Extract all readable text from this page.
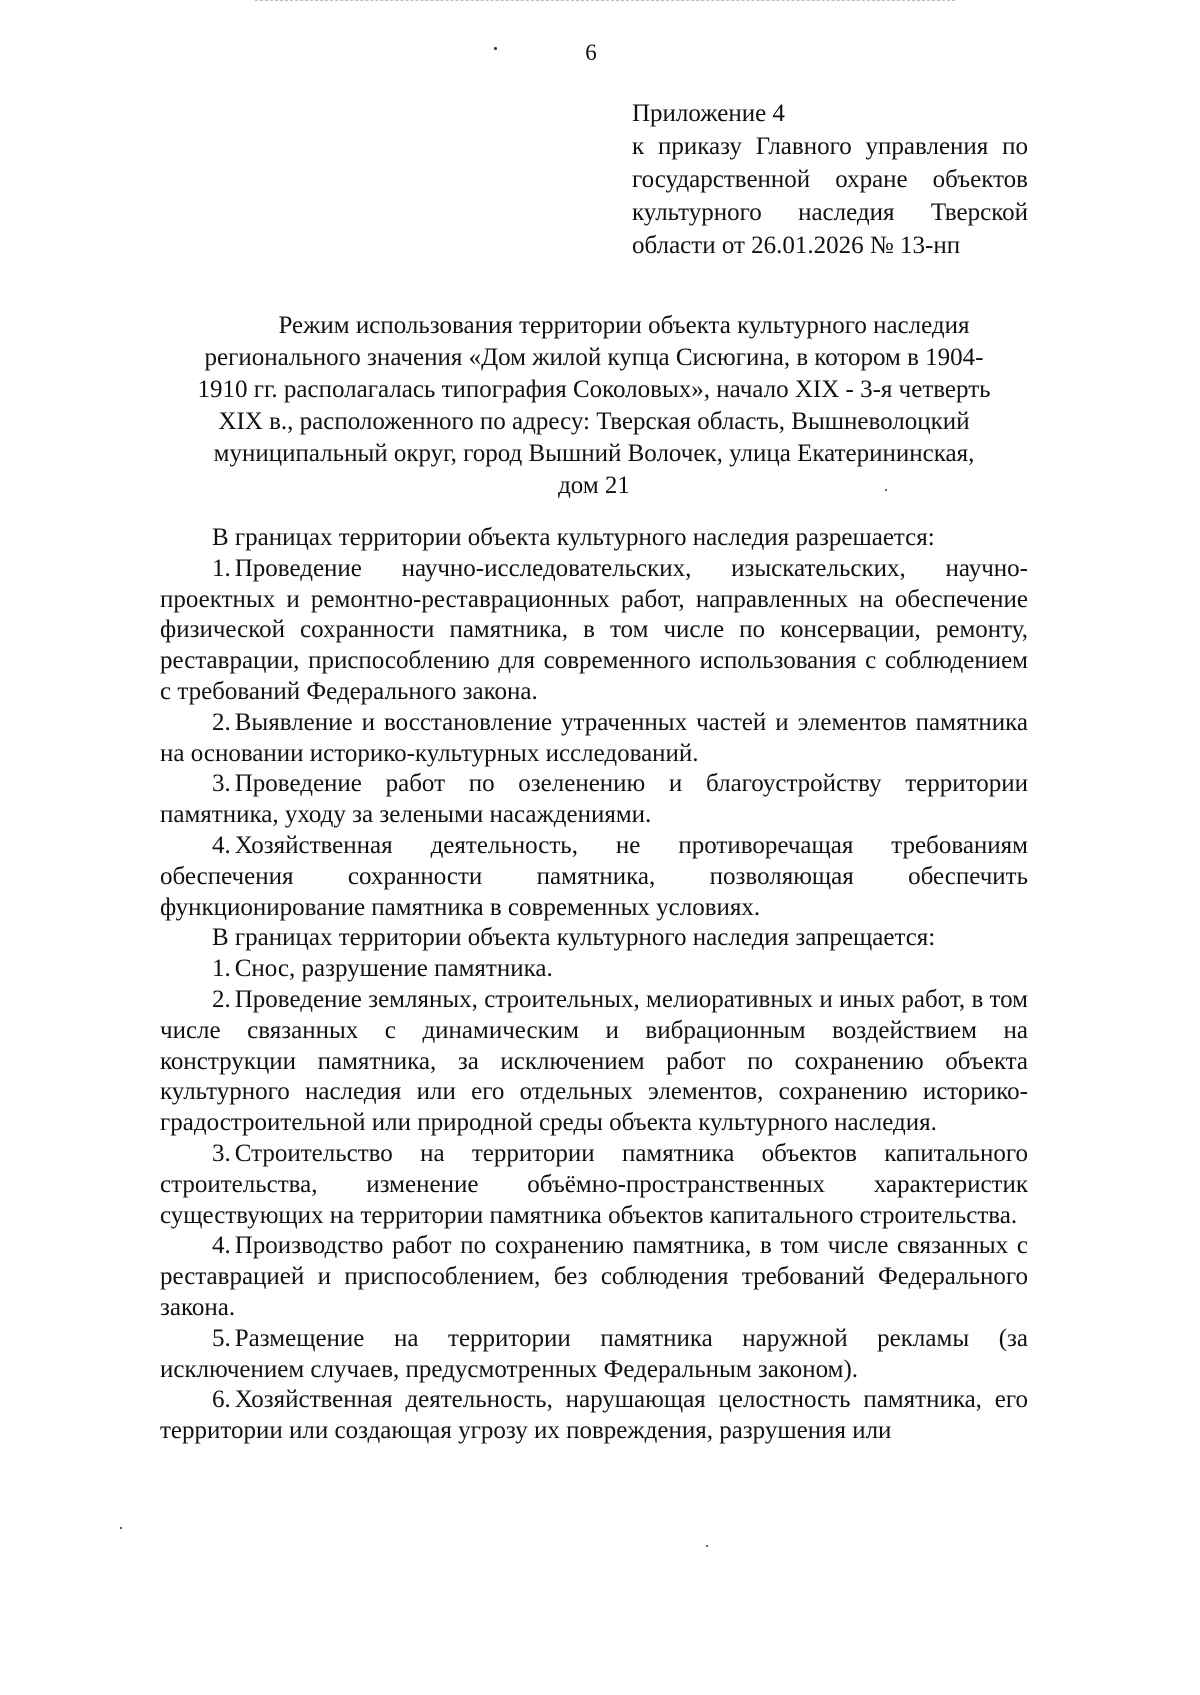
6
Приложение 4
к приказу Главного управления по
государственной охране объектов
культурного наследия Тверской
области от 26.01.2026 № 13-нп
Режим использования территории объекта культурного наследия
регионального значения «Дом жилой купца Сисюгина, в котором в 1904-
1910 гг. располагалась типография Соколовых», начало XIX - 3-я четверть
XIX в., расположенного по адресу: Тверская область, Вышневолоцкий
муниципальный округ, город Вышний Волочек, улица Екатерининская,
дом 21

В границах территории объекта культурного наследия разрешается:

1. Проведение научно-исследовательских, изыскательских, научно-проектных и ремонтно-реставрационных работ, направленных на обеспечение физической сохранности памятника, в том числе по консервации, ремонту, реставрации, приспособлению для современного использования с соблюдением с требований Федерального закона.

2. Выявление и восстановление утраченных частей и элементов памятника на основании историко-культурных исследований.

3. Проведение работ по озеленению и благоустройству территории памятника, уходу за зелеными насаждениями.

4. Хозяйственная деятельность, не противоречащая требованиям обеспечения сохранности памятника, позволяющая обеспечить функционирование памятника в современных условиях.

В границах территории объекта культурного наследия запрещается:

1. Снос, разрушение памятника.

2. Проведение земляных, строительных, мелиоративных и иных работ, в том числе связанных с динамическим и вибрационным воздействием на конструкции памятника, за исключением работ по сохранению объекта культурного наследия или его отдельных элементов, сохранению историко-градостроительной или природной среды объекта культурного наследия.

3. Строительство на территории памятника объектов капитального строительства, изменение объёмно-пространственных характеристик существующих на территории памятника объектов капитального строительства.

4. Производство работ по сохранению памятника, в том числе связанных с реставрацией и приспособлением, без соблюдения требований Федерального закона.

5. Размещение на территории памятника наружной рекламы (за исключением случаев, предусмотренных Федеральным законом).

6. Хозяйственная деятельность, нарушающая целостность памятника, его территории или создающая угрозу их повреждения, разрушения или
